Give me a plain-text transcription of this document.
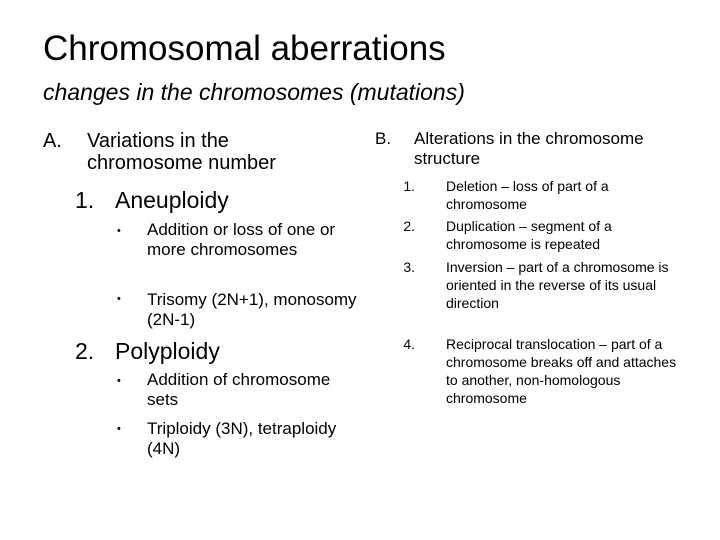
Chromosomal aberrations

changes in the chromosomes (mutations)

A. Variations in the chromosome number
1. Aneuploidy
• Addition or loss of one or more chromosomes
• Trisomy (2N+1), monosomy (2N-1)
2. Polyploidy
• Addition of chromosome sets
• Triploidy (3N), tetraploidy (4N)
B. Alterations in the chromosome structure
1. Deletion – loss of part of a chromosome
2. Duplication – segment of a chromosome is repeated
3. Inversion – part of a chromosome is oriented in the reverse of its usual direction
4. Reciprocal translocation – part of a chromosome breaks off and attaches to another, non-homologous chromosome
